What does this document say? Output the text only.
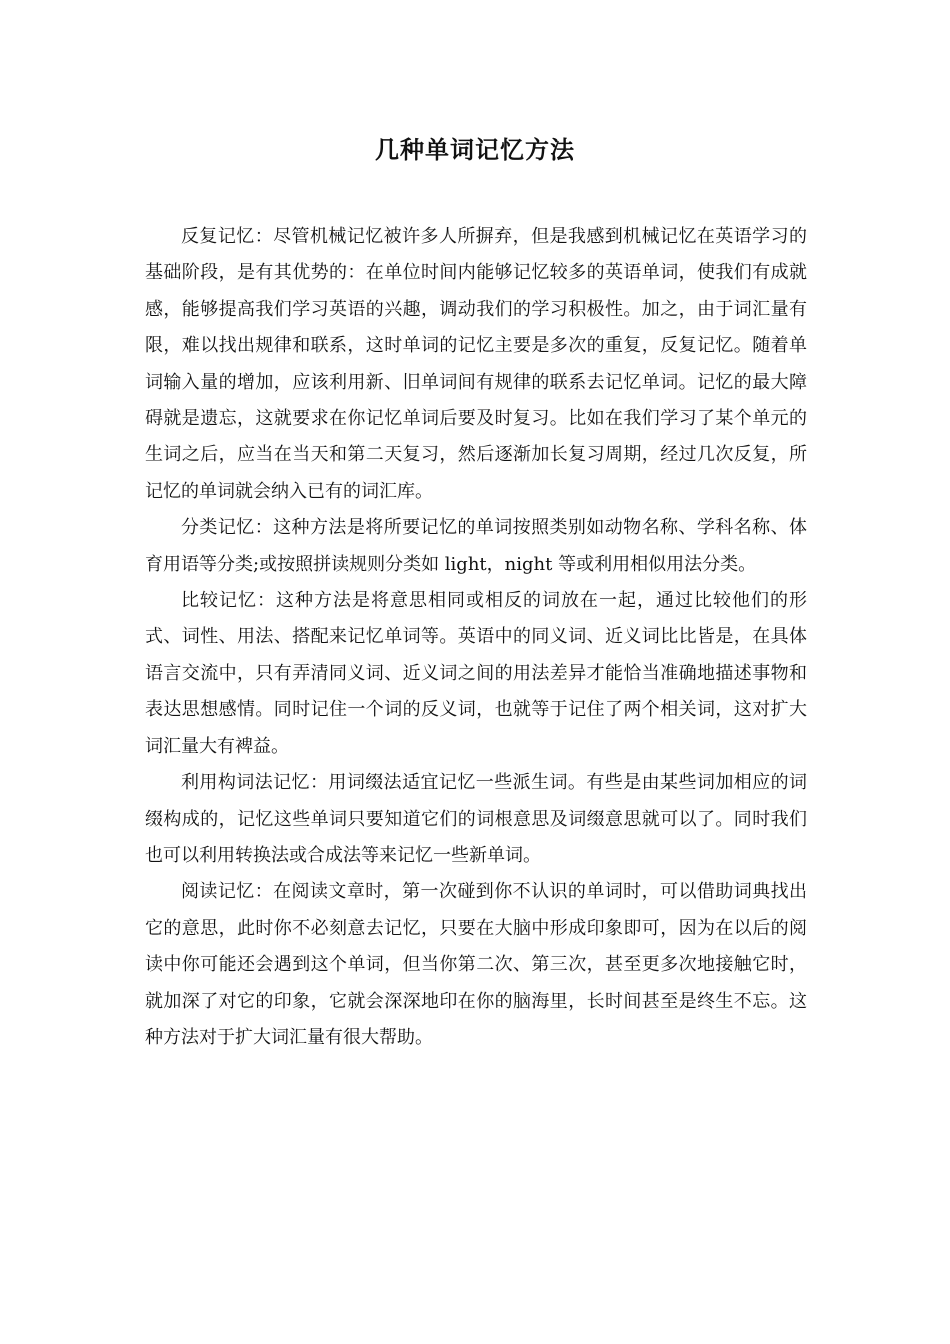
几种单词记忆方法

反复记忆：尽管机械记忆被许多人所摒弃，但是我感到机械记忆在英语学习的基础阶段，是有其优势的：在单位时间内能够记忆较多的英语单词，使我们有成就感，能够提高我们学习英语的兴趣，调动我们的学习积极性。加之，由于词汇量有限，难以找出规律和联系，这时单词的记忆主要是多次的重复，反复记忆。随着单词输入量的增加，应该利用新、旧单词间有规律的联系去记忆单词。记忆的最大障碍就是遗忘，这就要求在你记忆单词后要及时复习。比如在我们学习了某个单元的生词之后，应当在当天和第二天复习，然后逐渐加长复习周期，经过几次反复，所记忆的单词就会纳入已有的词汇库。

分类记忆：这种方法是将所要记忆的单词按照类别如动物名称、学科名称、体育用语等分类;或按照拼读规则分类如 light，night 等或利用相似用法分类。

比较记忆：这种方法是将意思相同或相反的词放在一起，通过比较他们的形式、词性、用法、搭配来记忆单词等。英语中的同义词、近义词比比皆是，在具体语言交流中，只有弄清同义词、近义词之间的用法差异才能恰当准确地描述事物和表达思想感情。同时记住一个词的反义词，也就等于记住了两个相关词，这对扩大词汇量大有裨益。

利用构词法记忆：用词缀法适宜记忆一些派生词。有些是由某些词加相应的词缀构成的，记忆这些单词只要知道它们的词根意思及词缀意思就可以了。同时我们也可以利用转换法或合成法等来记忆一些新单词。

阅读记忆：在阅读文章时，第一次碰到你不认识的单词时，可以借助词典找出它的意思，此时你不必刻意去记忆，只要在大脑中形成印象即可，因为在以后的阅读中你可能还会遇到这个单词，但当你第二次、第三次，甚至更多次地接触它时，就加深了对它的印象，它就会深深地印在你的脑海里，长时间甚至是终生不忘。这种方法对于扩大词汇量有很大帮助。
